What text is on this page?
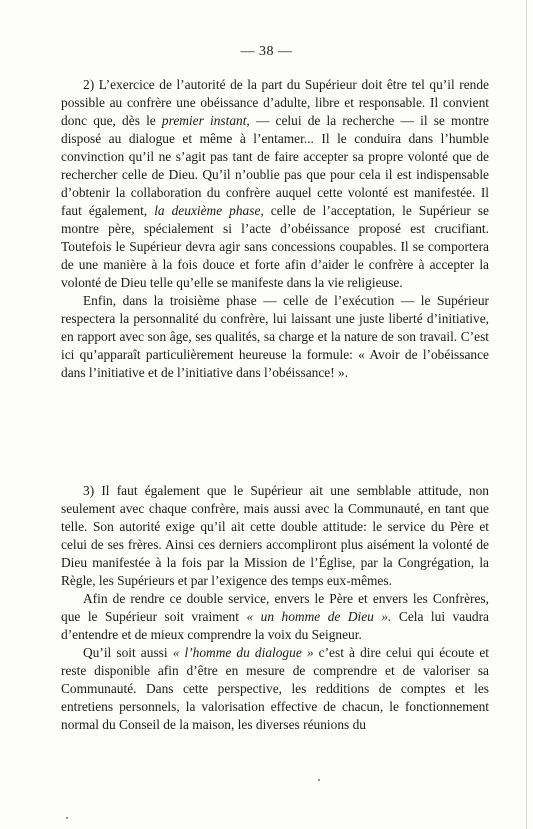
— 38 —

2) L’exercice de l’autorité de la part du Supérieur doit être tel qu’il rende possible au confrère une obéissance d’adulte, libre et responsable. Il convient donc que, dès le premier instant, — celui de la recherche — il se montre disposé au dialogue et même à l’entamer... Il le conduira dans l’humble convinction qu’il ne s’agit pas tant de faire accepter sa propre volonté que de rechercher celle de Dieu. Qu’il n’oublie pas que pour cela il est indispensable d’obtenir la collaboration du confrère auquel cette volonté est manifestée. Il faut également, la deuxième phase, celle de l’acceptation, le Supérieur se montre père, spécialement si l’acte d’obéissance proposé est crucifiant. Toutefois le Supérieur devra agir sans concessions coupables. Il se comportera de une manière à la fois douce et forte afin d’aider le confrère à accepter la volonté de Dieu telle qu’elle se manifeste dans la vie religieuse.

Enfin, dans la troisième phase — celle de l’exécution — le Supérieur respectera la personnalité du confrère, lui laissant une juste liberté d’initiative, en rapport avec son âge, ses qualités, sa charge et la nature de son travail. C’est ici qu’apparaît particulièrement heureuse la formule: « Avoir de l’obéissance dans l’initiative et de l’initiative dans l’obéissance! ».

3) Il faut également que le Supérieur ait une semblable attitude, non seulement avec chaque confrère, mais aussi avec la Communauté, en tant que telle. Son autorité exige qu’il ait cette double attitude: le service du Père et celui de ses frères. Ainsi ces derniers accompliront plus aisément la volonté de Dieu manifestée à la fois par la Mission de l’Église, par la Congrégation, la Règle, les Supérieurs et par l’exigence des temps eux-mêmes.

Afin de rendre ce double service, envers le Père et envers les Confrères, que le Supérieur soit vraiment « un homme de Dieu ». Cela lui vaudra d’entendre et de mieux comprendre la voix du Seigneur.

Qu’il soit aussi « l’homme du dialogue » c’est à dire celui qui écoute et reste disponible afin d’être en mesure de comprendre et de valoriser sa Communauté. Dans cette perspective, les redditions de comptes et les entretiens personnels, la valorisation effective de chacun, le fonctionnement normal du Conseil de la maison, les diverses réunions du
